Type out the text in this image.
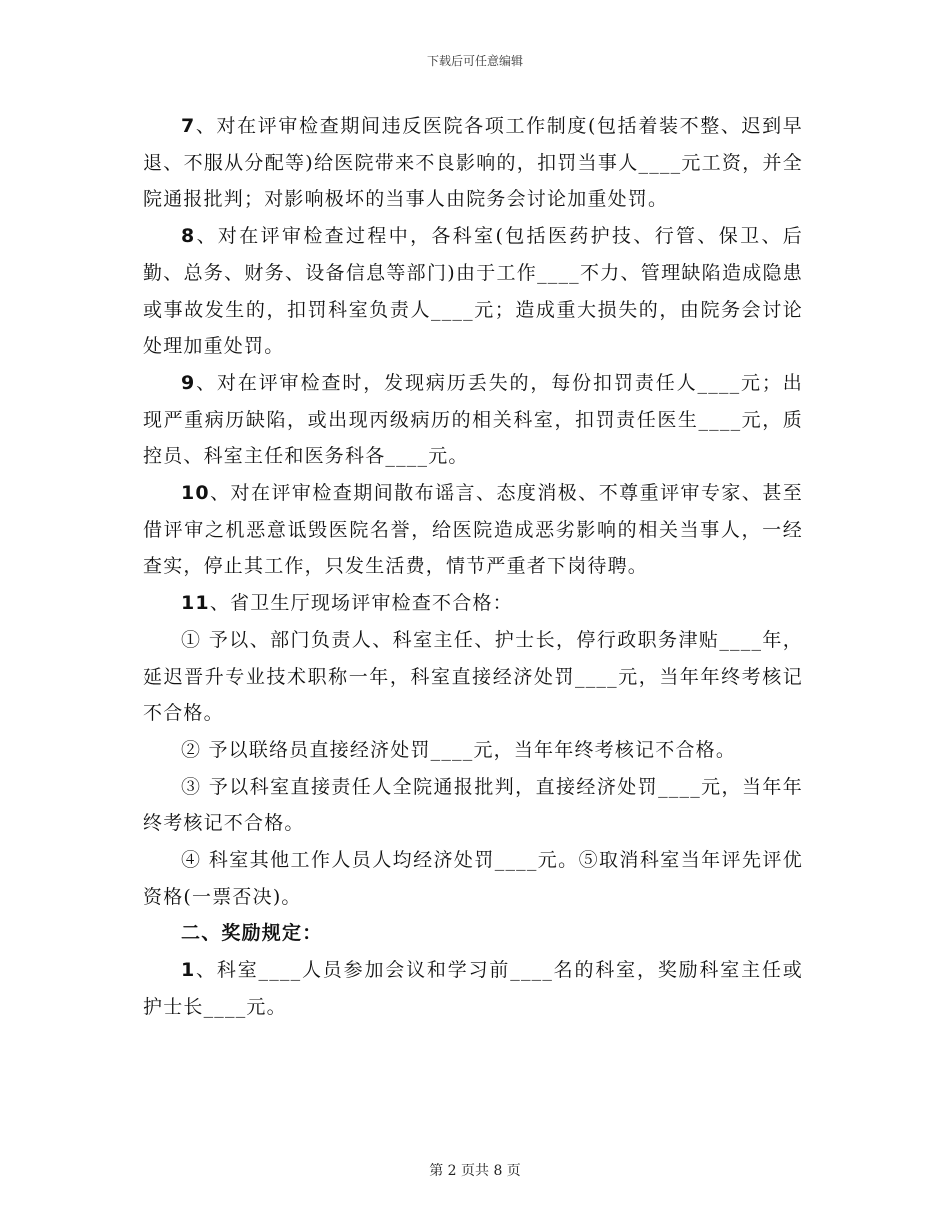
下载后可任意编辑

7、对在评审检查期间违反医院各项工作制度(包括着装不整、迟到早退、不服从分配等)给医院带来不良影响的，扣罚当事人____元工资，并全院通报批判；对影响极坏的当事人由院务会讨论加重处罚。

8、对在评审检查过程中，各科室(包括医药护技、行管、保卫、后勤、总务、财务、设备信息等部门)由于工作____不力、管理缺陷造成隐患或事故发生的，扣罚科室负责人____元；造成重大损失的，由院务会讨论处理加重处罚。

9、对在评审检查时，发现病历丢失的，每份扣罚责任人____元；出现严重病历缺陷，或出现丙级病历的相关科室，扣罚责任医生____元，质控员、科室主任和医务科各____元。

10、对在评审检查期间散布谣言、态度消极、不尊重评审专家、甚至借评审之机恶意诋毁医院名誉，给医院造成恶劣影响的相关当事人，一经查实，停止其工作，只发生活费，情节严重者下岗待聘。

11、省卫生厅现场评审检查不合格：

① 予以、部门负责人、科室主任、护士长，停行政职务津贴____年，延迟晋升专业技术职称一年，科室直接经济处罚____元，当年年终考核记不合格。

② 予以联络员直接经济处罚____元，当年年终考核记不合格。

③ 予以科室直接责任人全院通报批判，直接经济处罚____元，当年年终考核记不合格。

④ 科室其他工作人员人均经济处罚____元。⑤取消科室当年评先评优资格(一票否决)。

二、奖励规定：

1、科室____人员参加会议和学习前____名的科室，奖励科室主任或护士长____元。

第 2 页共 8 页
